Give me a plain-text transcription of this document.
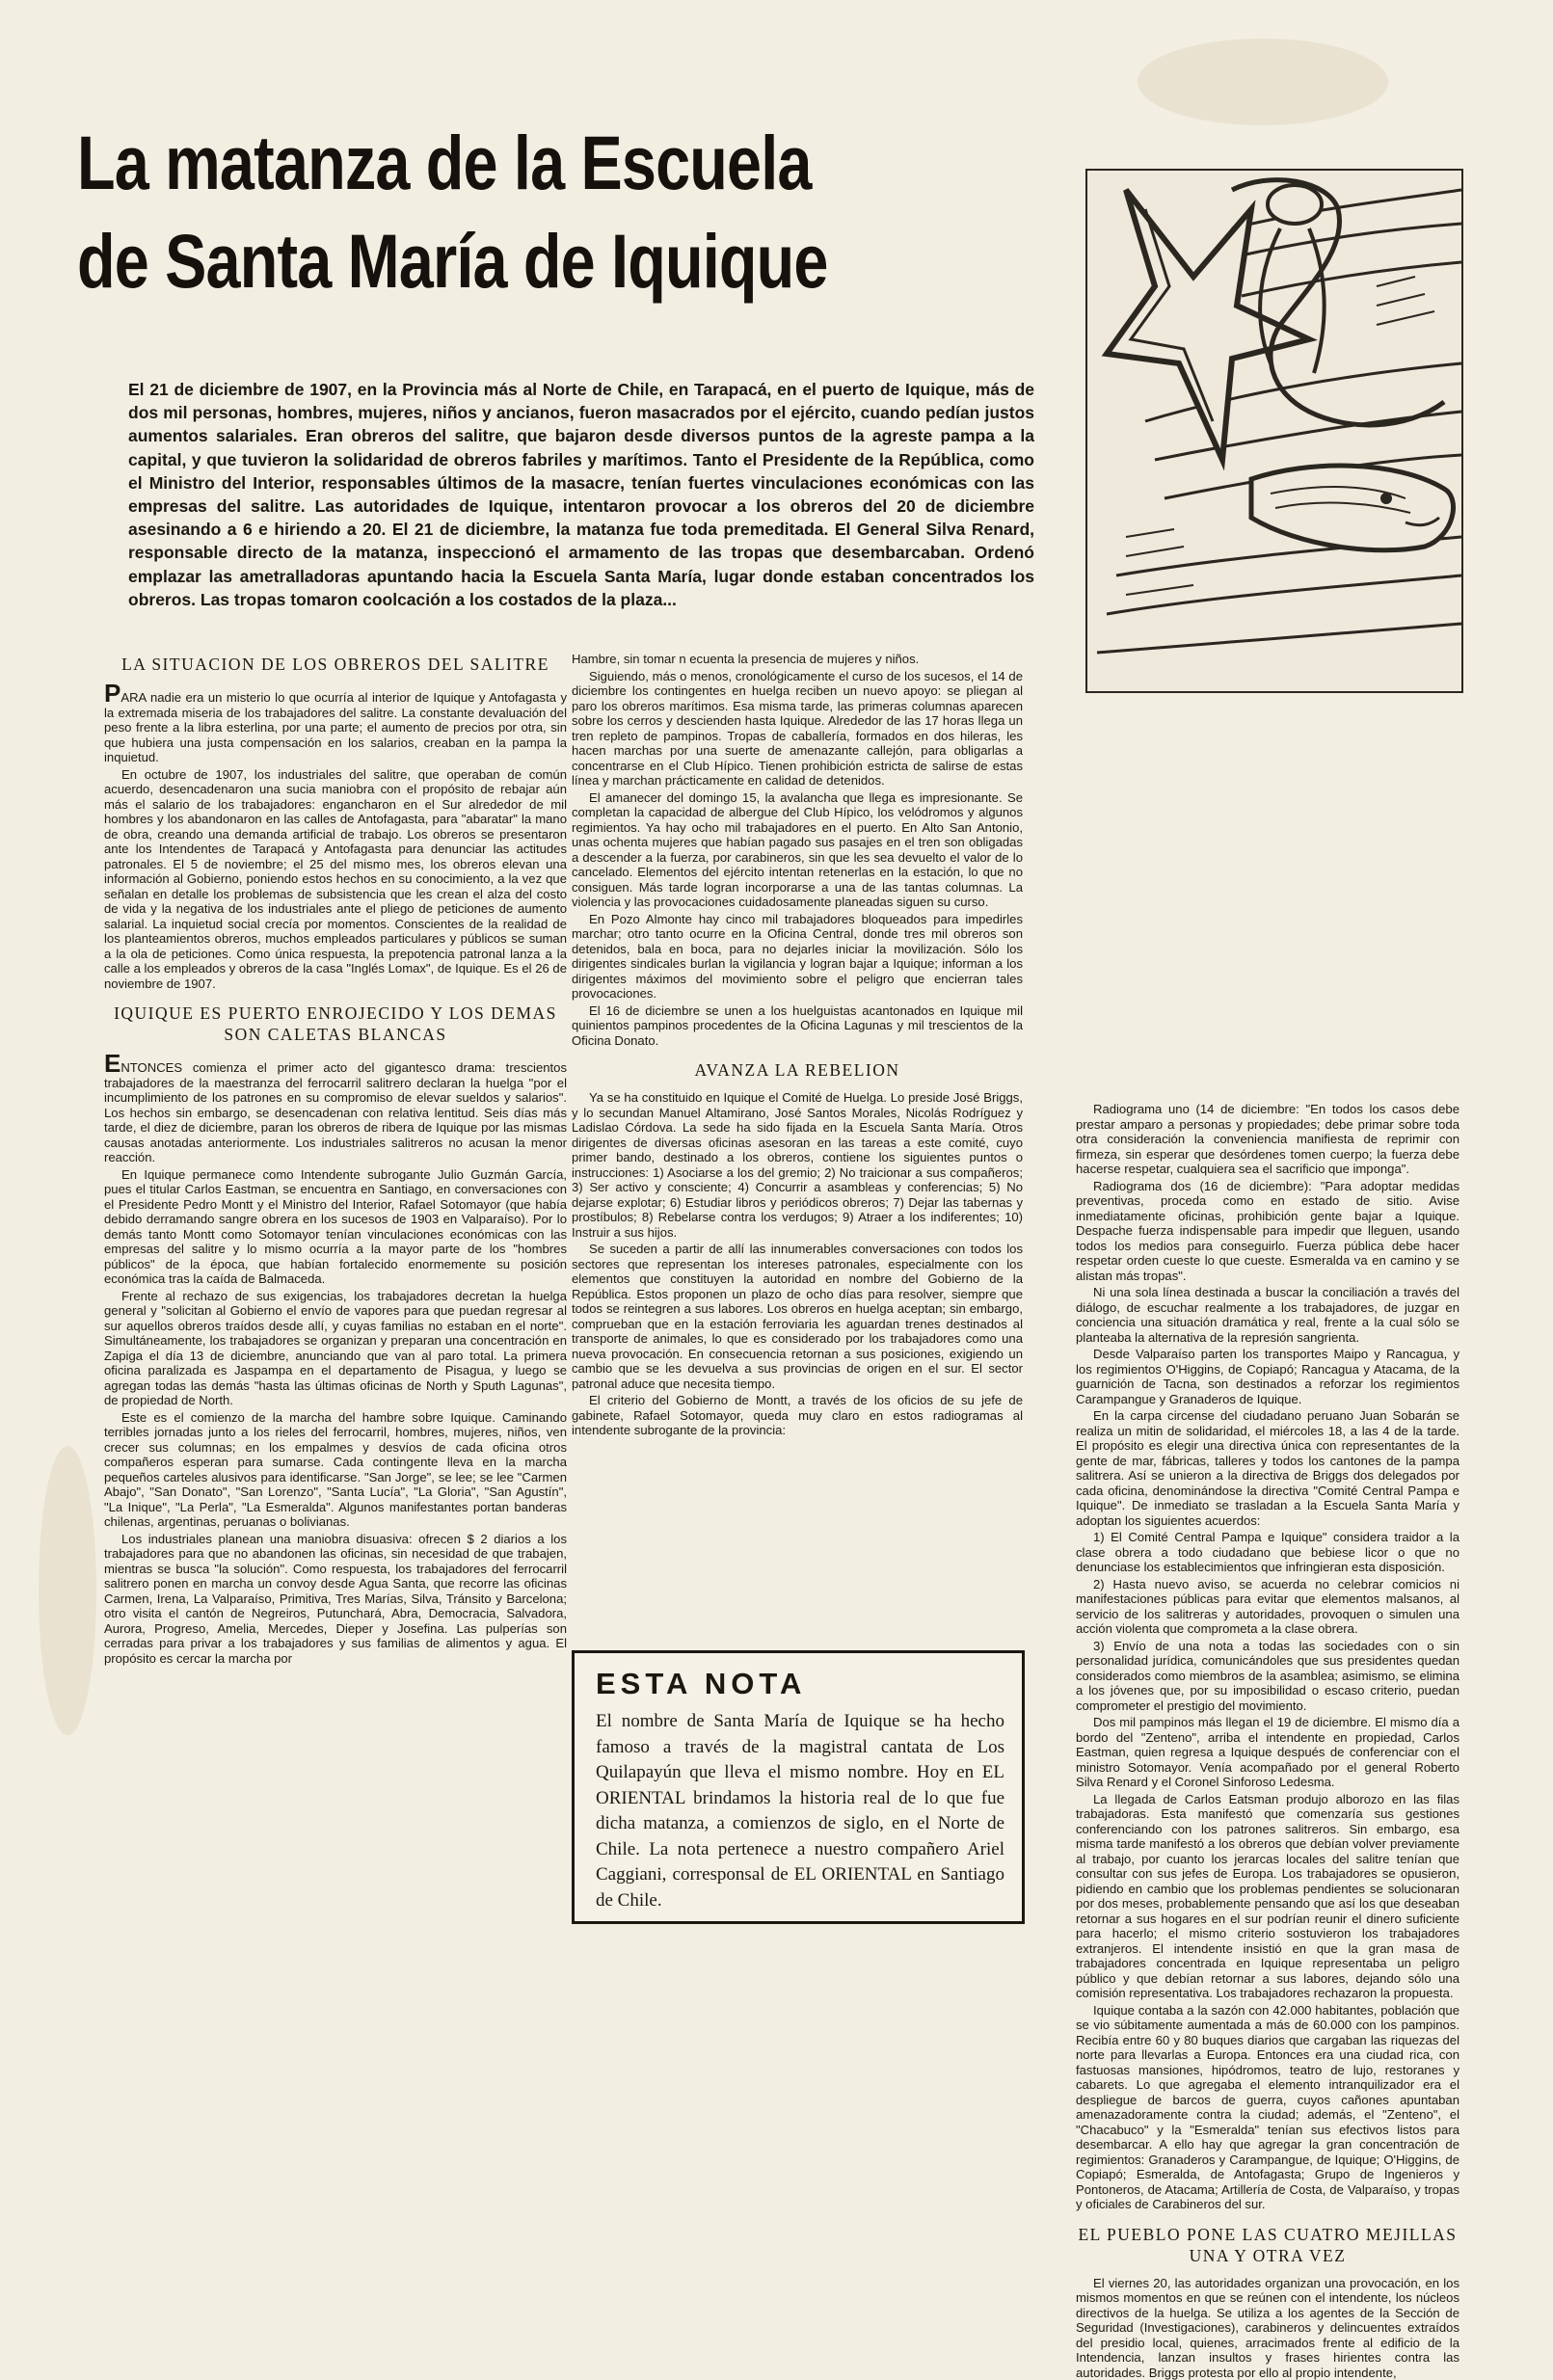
La matanza de la Escuela
de Santa María de Iquique

El 21 de diciembre de 1907, en la Provincia más al Norte de Chile, en Tarapacá, en el puerto de Iquique, más de dos mil personas, hombres, mujeres, niños y ancianos, fueron masacrados por el ejército, cuando pedían justos aumentos salariales. Eran obreros del salitre, que bajaron desde diversos puntos de la agreste pampa a la capital, y que tuvieron la solidaridad de obreros fabriles y marítimos. Tanto el Presidente de la República, como el Ministro del Interior, responsables últimos de la masacre, tenían fuertes vinculaciones económicas con las empresas del salitre. Las autoridades de Iquique, intentaron provocar a los obreros del 20 de diciembre asesinando a 6 e hiriendo a 20. El 21 de diciembre, la matanza fue toda premeditada. El General Silva Renard, responsable directo de la matanza, inspeccionó el armamento de las tropas que desembarcaban. Ordenó emplazar las ametralladoras apuntando hacia la Escuela Santa María, lugar donde estaban concentrados los obreros. Las tropas tomaron coolcación a los costados de la plaza...

LA SITUACION DE LOS OBREROS DEL SALITRE

PARA nadie era un misterio lo que ocurría al interior de Iquique y Antofagasta y la extremada miseria de los trabajadores del salitre. La constante devaluación del peso frente a la libra esterlina, por una parte; el aumento de precios por otra, sin que hubiera una justa compensación en los salarios, creaban en la pampa la inquietud.

En octubre de 1907, los industriales del salitre, que operaban de común acuerdo, desencadenaron una sucia maniobra con el propósito de rebajar aún más el salario de los trabajadores: engancharon en el Sur alrededor de mil hombres y los abandonaron en las calles de Antofagasta, para "abaratar" la mano de obra, creando una demanda artificial de trabajo. Los obreros se presentaron ante los Intendentes de Tarapacá y Antofagasta para denunciar las actitudes patronales. El 5 de noviembre; el 25 del mismo mes, los obreros elevan una información al Gobierno, poniendo estos hechos en su conocimiento, a la vez que señalan en detalle los problemas de subsistencia que les crean el alza del costo de vida y la negativa de los industriales ante el pliego de peticiones de aumento salarial. La inquietud social crecía por momentos. Conscientes de la realidad de los planteamientos obreros, muchos empleados particulares y públicos se suman a la ola de peticiones. Como única respuesta, la prepotencia patronal lanza a la calle a los empleados y obreros de la casa "Inglés Lomax", de Iquique. Es el 26 de noviembre de 1907.

IQUIQUE ES PUERTO ENROJECIDO Y LOS DEMAS SON CALETAS BLANCAS

ENTONCES comienza el primer acto del gigantesco drama: trescientos trabajadores de la maestranza del ferrocarril salitrero declaran la huelga "por el incumplimiento de los patrones en su compromiso de elevar sueldos y salarios". Los hechos sin embargo, se desencadenan con relativa lentitud. Seis días más tarde, el diez de diciembre, paran los obreros de ribera de Iquique por las mismas causas anotadas anteriormente. Los industriales salitreros no acusan la menor reacción.

En Iquique permanece como Intendente subrogante Julio Guzmán García, pues el titular Carlos Eastman, se encuentra en Santiago, en conversaciones con el Presidente Pedro Montt y el Ministro del Interior, Rafael Sotomayor (que había debido derramando sangre obrera en los sucesos de 1903 en Valparaíso). Por lo demás tanto Montt como Sotomayor tenían vinculaciones económicas con las empresas del salitre y lo mismo ocurría a la mayor parte de los "hombres públicos" de la época, que habían fortalecido enormemente su posición económica tras la caída de Balmaceda.

Frente al rechazo de sus exigencias, los trabajadores decretan la huelga general y "solicitan al Gobierno el envío de vapores para que puedan regresar al sur aquellos obreros traídos desde allí, y cuyas familias no estaban en el norte". Simultáneamente, los trabajadores se organizan y preparan una concentración en Zapiga el día 13 de diciembre, anunciando que van al paro total. La primera oficina paralizada es Jaspampa en el departamento de Pisagua, y luego se agregan todas las demás "hasta las últimas oficinas de North y Sputh Lagunas", de propiedad de North.

Este es el comienzo de la marcha del hambre sobre Iquique. Caminando terribles jornadas junto a los rieles del ferrocarril, hombres, mujeres, niños, ven crecer sus columnas; en los empalmes y desvíos de cada oficina otros compañeros esperan para sumarse. Cada contingente lleva en la marcha pequeños carteles alusivos para identificarse. "San Jorge", se lee; se lee "Carmen Abajo", "San Donato", "San Lorenzo", "Santa Lucía", "La Gloria", "San Agustín", "La Inique", "La Perla", "La Esmeralda". Algunos manifestantes portan banderas chilenas, argentinas, peruanas o bolivianas.

Los industriales planean una maniobra disuasiva: ofrecen $ 2 diarios a los trabajadores para que no abandonen las oficinas, sin necesidad de que trabajen, mientras se busca "la solución". Como respuesta, los trabajadores del ferrocarril salitrero ponen en marcha un convoy desde Agua Santa, que recorre las oficinas Carmen, Irena, La Valparaíso, Primitiva, Tres Marías, Silva, Tránsito y Barcelona; otro visita el cantón de Negreiros, Putunchará, Abra, Democracia, Salvadora, Aurora, Progreso, Amelia, Mercedes, Dieper y Josefina. Las pulperías son cerradas para privar a los trabajadores y sus familias de alimentos y agua. El propósito es cercar la marcha por

Hambre, sin tomar n ecuenta la presencia de mujeres y niños.

Siguiendo, más o menos, cronológicamente el curso de los sucesos, el 14 de diciembre los contingentes en huelga reciben un nuevo apoyo: se pliegan al paro los obreros marítimos. Esa misma tarde, las primeras columnas aparecen sobre los cerros y descienden hasta Iquique. Alrededor de las 17 horas llega un tren repleto de pampinos. Tropas de caballería, formados en dos hileras, les hacen marchas por una suerte de amenazante callejón, para obligarlas a concentrarse en el Club Hípico. Tienen prohibición estricta de salirse de estas línea y marchan prácticamente en calidad de detenidos.

El amanecer del domingo 15, la avalancha que llega es impresionante. Se completan la capacidad de albergue del Club Hípico, los velódromos y algunos regimientos. Ya hay ocho mil trabajadores en el puerto. En Alto San Antonio, unas ochenta mujeres que habían pagado sus pasajes en el tren son obligadas a descender a la fuerza, por carabineros, sin que les sea devuelto el valor de lo cancelado. Elementos del ejército intentan retenerlas en la estación, lo que no consiguen. Más tarde logran incorporarse a una de las tantas columnas. La violencia y las provocaciones cuidadosamente planeadas siguen su curso.

En Pozo Almonte hay cinco mil trabajadores bloqueados para impedirles marchar; otro tanto ocurre en la Oficina Central, donde tres mil obreros son detenidos, bala en boca, para no dejarles iniciar la movilización. Sólo los dirigentes sindicales burlan la vigilancia y logran bajar a Iquique; informan a los dirigentes máximos del movimiento sobre el peligro que encierran tales provocaciones.

El 16 de diciembre se unen a los huelguistas acantonados en Iquique mil quinientos pampinos procedentes de la Oficina Lagunas y mil trescientos de la Oficina Donato.

AVANZA LA REBELION

Ya se ha constituido en Iquique el Comité de Huelga. Lo preside José Briggs, y lo secundan Manuel Altamirano, José Santos Morales, Nicolás Rodríguez y Ladislao Córdova. La sede ha sido fijada en la Escuela Santa María. Otros dirigentes de diversas oficinas asesoran en las tareas a este comité, cuyo primer bando, destinado a los obreros, contiene los siguientes puntos o instrucciones: 1) Asociarse a los del gremio; 2) No traicionar a sus compañeros; 3) Ser activo y consciente; 4) Concurrir a asambleas y conferencias; 5) No dejarse explotar; 6) Estudiar libros y periódicos obreros; 7) Dejar las tabernas y prostíbulos; 8) Rebelarse contra los verdugos; 9) Atraer a los indiferentes; 10) Instruir a sus hijos.

Se suceden a partir de allí las innumerables conversaciones con todos los sectores que representan los intereses patronales, especialmente con los elementos que constituyen la autoridad en nombre del Gobierno de la República. Estos proponen un plazo de ocho días para resolver, siempre que todos se reintegren a sus labores. Los obreros en huelga aceptan; sin embargo, comprueban que en la estación ferroviaria les aguardan trenes destinados al transporte de animales, lo que es considerado por los trabajadores como una nueva provocación. En consecuencia retornan a sus posiciones, exigiendo un cambio que se les devuelva a sus provincias de origen en el sur. El sector patronal aduce que necesita tiempo.

El criterio del Gobierno de Montt, a través de los oficios de su jefe de gabinete, Rafael Sotomayor, queda muy claro en estos radiogramas al intendente subrogante de la provincia:

ESTA NOTA

El nombre de Santa María de Iquique se ha hecho famoso a través de la magistral cantata de Los Quilapayún que lleva el mismo nombre. Hoy en EL ORIENTAL brindamos la historia real de lo que fue dicha matanza, a comienzos de siglo, en el Norte de Chile. La nota pertenece a nuestro compañero Ariel Caggiani, corresponsal de EL ORIENTAL en Santiago de Chile.

Radiograma uno (14 de diciembre: "En todos los casos debe prestar amparo a personas y propiedades; debe primar sobre toda otra consideración la conveniencia manifiesta de reprimir con firmeza, sin esperar que desórdenes tomen cuerpo; la fuerza debe hacerse respetar, cualquiera sea el sacrificio que imponga".

Radiograma dos (16 de diciembre): "Para adoptar medidas preventivas, proceda como en estado de sitio. Avise inmediatamente oficinas, prohibición gente bajar a Iquique. Despache fuerza indispensable para impedir que lleguen, usando todos los medios para conseguirlo. Fuerza pública debe hacer respetar orden cueste lo que cueste. Esmeralda va en camino y se alistan más tropas".

Ni una sola línea destinada a buscar la conciliación a través del diálogo, de escuchar realmente a los trabajadores, de juzgar en conciencia una situación dramática y real, frente a la cual sólo se planteaba la alternativa de la represión sangrienta.

Desde Valparaíso parten los transportes Maipo y Rancagua, y los regimientos O'Higgins, de Copiapó; Rancagua y Atacama, de la guarnición de Tacna, son destinados a reforzar los regimientos Carampangue y Granaderos de Iquique.

En la carpa circense del ciudadano peruano Juan Sobarán se realiza un mitin de solidaridad, el miércoles 18, a las 4 de la tarde. El propósito es elegir una directiva única con representantes de la gente de mar, fábricas, talleres y todos los cantones de la pampa salitrera. Así se unieron a la directiva de Briggs dos delegados por cada oficina, denominándose la directiva "Comité Central Pampa e Iquique". De inmediato se trasladan a la Escuela Santa María y adoptan los siguientes acuerdos:

1) El Comité Central Pampa e Iquique" considera traidor a la clase obrera a todo ciudadano que bebiese licor o que no denunciase los establecimientos que infringieran esta disposición.

2) Hasta nuevo aviso, se acuerda no celebrar comicios ni manifestaciones públicas para evitar que elementos malsanos, al servicio de los salitreras y autoridades, provoquen o simulen una acción violenta que comprometa a la clase obrera.

3) Envío de una nota a todas las sociedades con o sin personalidad jurídica, comunicándoles que sus presidentes quedan considerados como miembros de la asamblea; asimismo, se elimina a los jóvenes que, por su imposibilidad o escaso criterio, puedan comprometer el prestigio del movimiento.

Dos mil pampinos más llegan el 19 de diciembre. El mismo día a bordo del "Zenteno", arriba el intendente en propiedad, Carlos Eastman, quien regresa a Iquique después de conferenciar con el ministro Sotomayor. Venía acompañado por el general Roberto Silva Renard y el Coronel Sinforoso Ledesma.

La llegada de Carlos Eatsman produjo alborozo en las filas trabajadoras. Esta manifestó que comenzaría sus gestiones conferenciando con los patrones salitreros. Sin embargo, esa misma tarde manifestó a los obreros que debían volver previamente al trabajo, por cuanto los jerarcas locales del salitre tenían que consultar con sus jefes de Europa. Los trabajadores se opusieron, pidiendo en cambio que los problemas pendientes se solucionaran por dos meses, probablemente pensando que así los que deseaban retornar a sus hogares en el sur podrían reunir el dinero suficiente para hacerlo; el mismo criterio sostuvieron los trabajadores extranjeros. El intendente insistió en que la gran masa de trabajadores concentrada en Iquique representaba un peligro público y que debían retornar a sus labores, dejando sólo una comisión representativa. Los trabajadores rechazaron la propuesta.

Iquique contaba a la sazón con 42.000 habitantes, población que se vio súbitamente aumentada a más de 60.000 con los pampinos. Recibía entre 60 y 80 buques diarios que cargaban las riquezas del norte para llevarlas a Europa. Entonces era una ciudad rica, con fastuosas mansiones, hipódromos, teatro de lujo, restoranes y cabarets. Lo que agregaba el elemento intranquilizador era el despliegue de barcos de guerra, cuyos cañones apuntaban amenazadoramente contra la ciudad; además, el "Zenteno", el "Chacabuco" y la "Esmeralda" tenían sus efectivos listos para desembarcar. A ello hay que agregar la gran concentración de regimientos: Granaderos y Carampangue, de Iquique; O'Higgins, de Copiapó; Esmeralda, de Antofagasta; Grupo de Ingenieros y Pontoneros, de Atacama; Artillería de Costa, de Valparaíso, y tropas y oficiales de Carabineros del sur.

EL PUEBLO PONE LAS CUATRO MEJILLAS UNA Y OTRA VEZ

El viernes 20, las autoridades organizan una provocación, en los mismos momentos en que se reúnen con el intendente, los núcleos directivos de la huelga. Se utiliza a los agentes de la Sección de Seguridad (Investigaciones), carabineros y delincuentes extraídos del presidio local, quienes, arracimados frente al edificio de la Intendencia, lanzan insultos y frases hirientes contra las autoridades. Briggs protesta por ello al propio intendente,
